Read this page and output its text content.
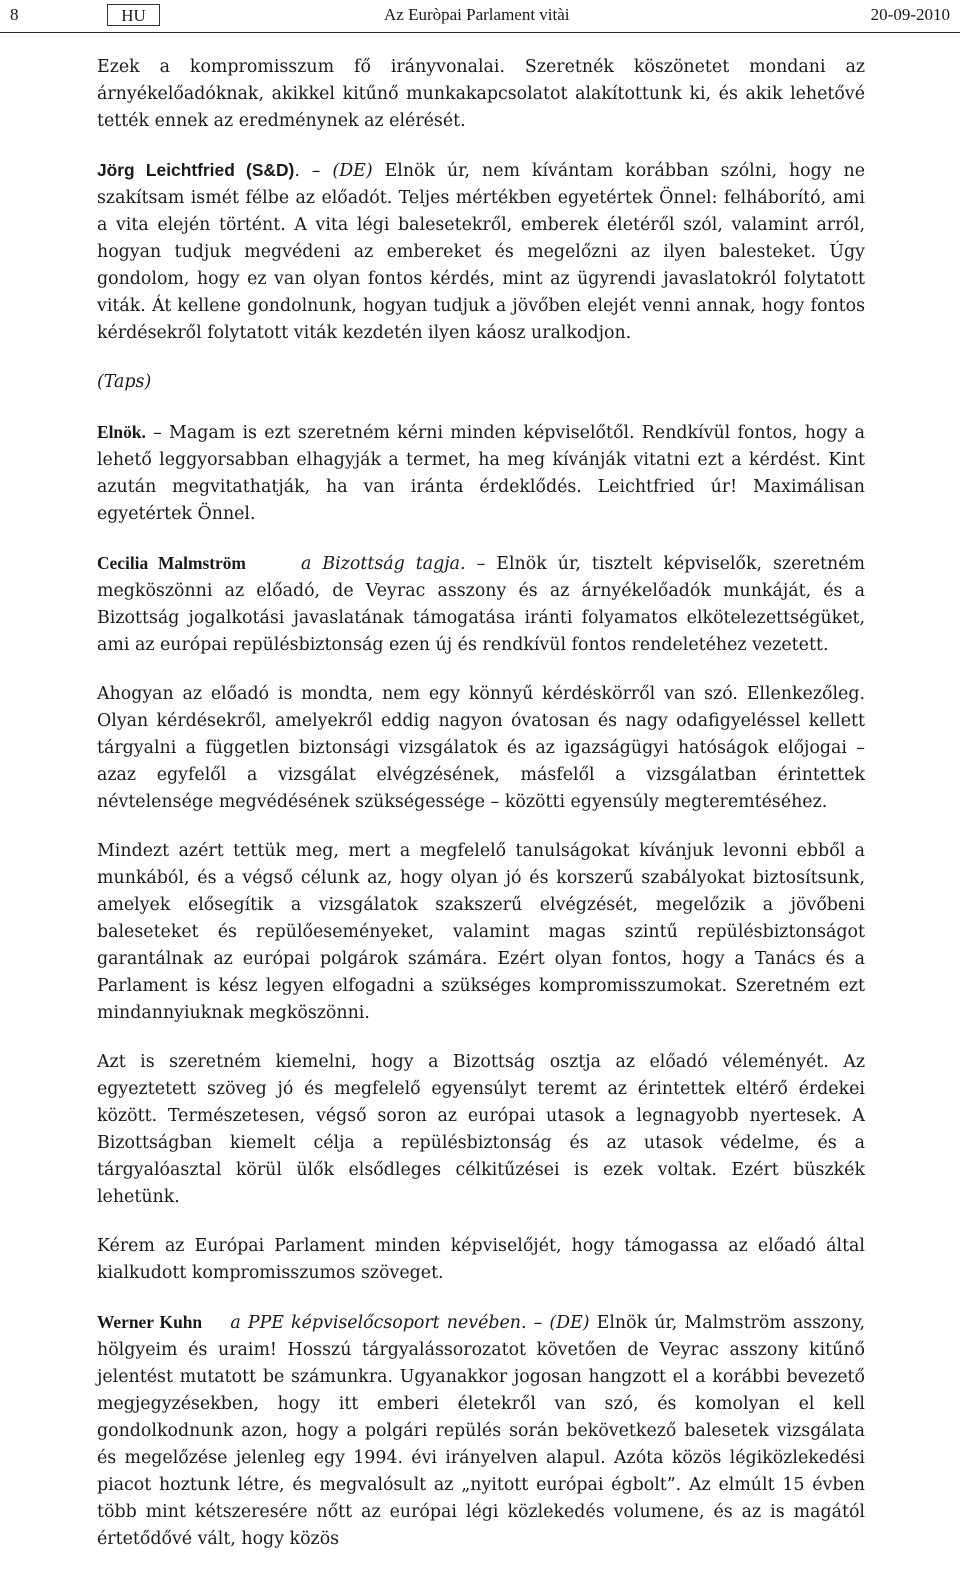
8	HU	Az Euròpai Parlament vitài	20-09-2010

Ezek a kompromisszum fő irányvonalai. Szeretnék köszönetet mondani az árnyékelőadóknak, akikkel kitűnő munkakapcsolatot alakítottunk ki, és akik lehetővé tették ennek az eredménynek az elérését.

Jörg Leichtfried (S&D). – (DE) Elnök úr, nem kívántam korábban szólni, hogy ne szakítsam ismét félbe az előadót. Teljes mértékben egyetértek Önnel: felháborító, ami a vita elején történt. A vita légi balesetekről, emberek életéről szól, valamint arról, hogyan tudjuk megvédeni az embereket és megelőzni az ilyen balesteket. Úgy gondolom, hogy ez van olyan fontos kérdés, mint az ügyrendi javaslatokról folytatott viták. Át kellene gondolnunk, hogyan tudjuk a jövőben elejét venni annak, hogy fontos kérdésekről folytatott viták kezdetén ilyen káosz uralkodjon.

(Taps)

Elnök. – Magam is ezt szeretném kérni minden képviselőtől. Rendkívül fontos, hogy a lehető leggyorsabban elhagyják a termet, ha meg kívánják vitatni ezt a kérdést. Kint azután megvitathatják, ha van iránta érdeklődés. Leichtfried úr! Maximálisan egyetértek Önnel.

Cecilia Malmström	a Bizottság tagja. – Elnök úr, tisztelt képviselők, szeretném megköszönni az előadó, de Veyrac asszony és az árnyékelőadók munkáját, és a Bizottság jogalkotási javaslatának támogatása iránti folyamatos elkötelezettségüket, ami az európai repülésbiztonság ezen új és rendkívül fontos rendeletéhez vezetett.

Ahogyan az előadó is mondta, nem egy könnyű kérdéskörről van szó. Ellenkezőleg. Olyan kérdésekről, amelyekről eddig nagyon óvatosan és nagy odafigyeléssel kellett tárgyalni a független biztonsági vizsgálatok és az igazságügyi hatóságok előjogai – azaz egyfelől a vizsgálat elvégzésének, másfelől a vizsgálatban érintettek névtelensége megvédésének szükségessége – közötti egyensúly megteremtéséhez.

Mindezt azért tettük meg, mert a megfelelő tanulságokat kívánjuk levonni ebből a munkából, és a végső célunk az, hogy olyan jó és korszerű szabályokat biztosítsunk, amelyek elősegítik a vizsgálatok szakszerű elvégzését, megelőzik a jövőbeni baleseteket és repülőeseményeket, valamint magas szintű repülésbiztonságot garantálnak az európai polgárok számára. Ezért olyan fontos, hogy a Tanács és a Parlament is kész legyen elfogadni a szükséges kompromisszumokat. Szeretném ezt mindannyiuknak megköszönni.

Azt is szeretném kiemelni, hogy a Bizottság osztja az előadó véleményét. Az egyeztetett szöveg jó és megfelelő egyensúlyt teremt az érintettek eltérő érdekei között. Természetesen, végső soron az európai utasok a legnagyobb nyertesek. A Bizottságban kiemelt célja a repülésbiztonság és az utasok védelme, és a tárgyalóasztal körül ülők elsődleges célkitűzései is ezek voltak. Ezért büszkék lehetünk.

Kérem az Európai Parlament minden képviselőjét, hogy támogassa az előadó által kialkudott kompromisszumos szöveget.

Werner Kuhn a PPE képviselőcsoport nevében. – (DE) Elnök úr, Malmström asszony, hölgyeim és uraim! Hosszú tárgyalássorozatot követően de Veyrac asszony kitűnő jelentést mutatott be számunkra. Ugyanakkor jogosan hangzott el a korábbi bevezető megjegyzésekben, hogy itt emberi életekről van szó, és komolyan el kell gondolkodnunk azon, hogy a polgári repülés során bekövetkező balesetek vizsgálata és megelőzése jelenleg egy 1994. évi irányelven alapul. Azóta közös légiközlekedési piacot hoztunk létre, és megvalósult az „nyitott európai égbolt”. Az elmúlt 15 évben több mint kétszeresére nőtt az európai légi közlekedés volumene, és az is magától értetődővé vált, hogy közös
